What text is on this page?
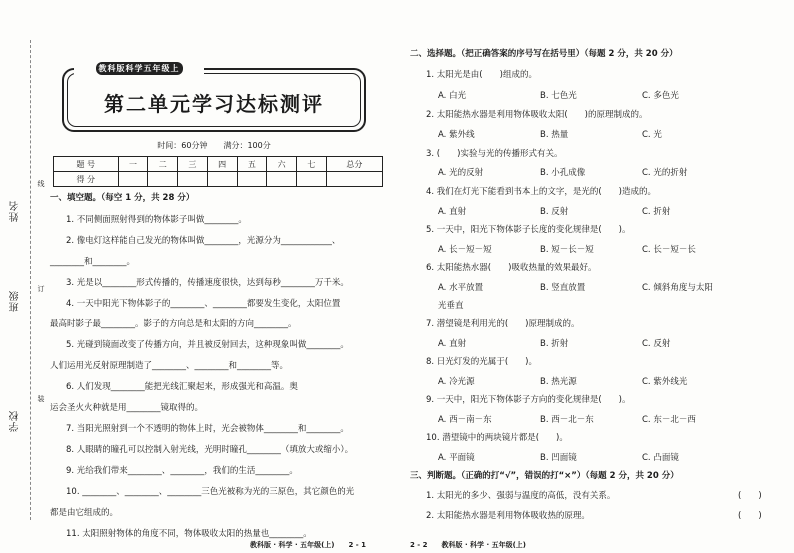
姓名
班级
学校
线
订
装
教科版科学五年级上
第二单元学习达标测评
时间：60分钟　　满分：100分
题 号	一	二	三	四	五	六	七	总分
得 分								
一、填空题。（每空 1 分，共 28 分）
1. 不同侧面照射得到的物体影子叫做________。
2. 像电灯这样能自己发光的物体叫做________，光源分为____________、
________和________。
3. 光是以________形式传播的，传播速度很快，达到每秒________万千米。
4. 一天中阳光下物体影子的________、________都要发生变化，太阳位置
最高时影子最________。影子的方向总是和太阳的方向________。
5. 光碰到镜面改变了传播方向，并且被反射回去，这种现象叫做________。
人们运用光反射原理制造了________、________和________等。
6. 人们发现________能把光线汇聚起来，形成强光和高温。奥
运会圣火火种就是用________镜取得的。
7. 当阳光照射到一个不透明的物体上时，光会被物体________和________。
8. 人眼睛的瞳孔可以控制入射光线，光明时瞳孔________（填放大或缩小）。
9. 光给我们带来________、________，我们的生活________。
10. ________、________、________三色光被称为光的三原色，其它颜色的光
都是由它组成的。
11. 太阳照射物体的角度不同，物体吸收太阳的热量也________。
教科版 · 科学 · 五年级(上)　　2 - 1
二、选择题。（把正确答案的序号写在括号里）（每题 2 分，共 20 分）
1. 太阳光是由(　　)组成的。
A. 白光	B. 七色光	C. 多色光
2. 太阳能热水器是利用物体吸收太阳(　　)的原理制成的。
A. 紫外线	B. 热量	C. 光
3. (　　)实验与光的传播形式有关。
A. 光的反射	B. 小孔成像	C. 光的折射
4. 我们在灯光下能看到书本上的文字，是光的(　　)造成的。
A. 直射	B. 反射	C. 折射
5. 一天中，阳光下物体影子长度的变化规律是(　　)。
A. 长－短－短	B. 短－长－短	C. 长－短－长
6. 太阳能热水器(　　)吸收热量的效果最好。
A. 水平放置	B. 竖直放置	C. 倾斜角度与太阳
光垂直
7. 潜望镜是利用光的(　　)原理制成的。
A. 直射	B. 折射	C. 反射
8. 日光灯发的光属于(　　)。
A. 冷光源	B. 热光源	C. 紫外线光
9. 一天中，阳光下物体影子方向的变化规律是(　　)。
A. 西－南－东	B. 西－北－东	C. 东－北－西
10. 潜望镜中的两块镜片都是(　　)。
A. 平面镜	B. 凹面镜	C. 凸面镜
三、判断题。（正确的打“√”，错误的打“×”）（每题 2 分，共 20 分）
1. 太阳光的多少、强弱与温度的高低，没有关系。	(　　)
2. 太阳能热水器是利用物体吸收热的原理。	(　　)
2 - 2　　教科版 · 科学 · 五年级(上)
